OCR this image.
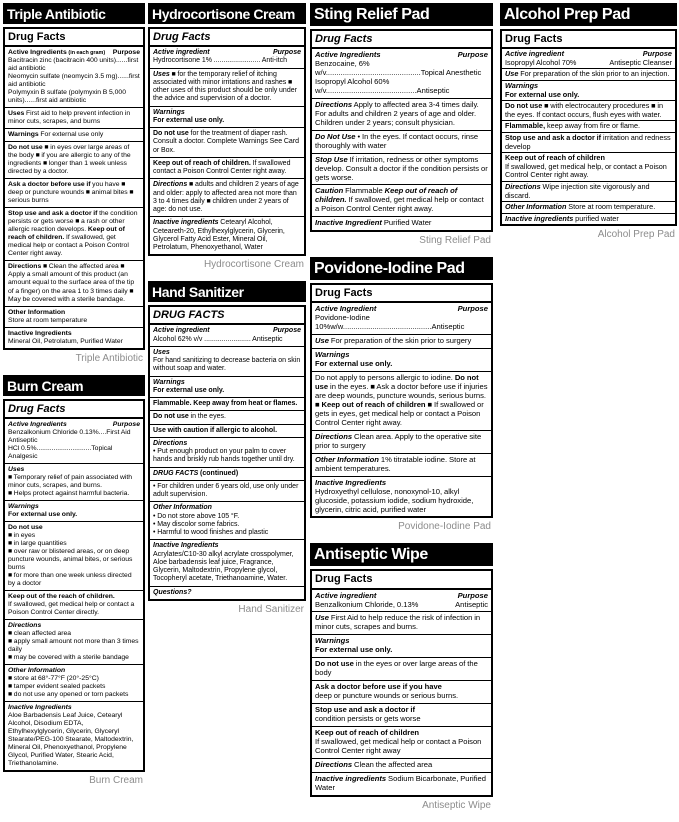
Triple Antibiotic
Drug Facts
Active Ingredients (in each gram) Purpose
Bacitracin zinc (bacitracin 400 units)......first aid antibiotic
Neomycin sulfate (neomycin 3.5 mg)......first aid antibiotic
Polymyxin B sulfate (polymyxin B 5,000 units)......first aid antibiotic
Uses First aid to help prevent infection in minor cuts, scrapes, and burns
Warnings For external use only
Do not use ■ in eyes over large areas of the body ■ if you are allergic to any of the ingredients ■ longer than 1 week unless directed by a doctor.
Ask a doctor before use if you have ■ deep or puncture wounds ■ animal bites ■ serious burns
Stop use and ask a doctor if the condition persists or gets worse ■ a rash or other allergic reaction develops. Keep out of reach of children. If swallowed, get medical help or contact a Poison Control Center right away.
Directions ■ Clean the affected area ■ Apply a small amount of this product (an amount equal to the surface area of the tip of a finger) on the area 1 to 3 times daily ■ May be covered with a sterile bandage.
Other Information
Store at room temperature
Inactive Ingredients
Mineral Oil, Petrolatum, Purified Water
Triple Antibiotic
Burn Cream
Drug Facts
Active Ingredients	Purpose
Benzalkonium Chloride 0.13%....First Aid Antiseptic
HCl 0.5%.............................Topical Analgesic
Uses
■ Temporary relief of pain associated with minor cuts, scrapes, and burns.
■ Helps protect against harmful bacteria.
Warnings
For external use only.
Do not use
■ in eyes
■ in large quantities
■ over raw or blistered areas, or on deep puncture wounds, animal bites, or serious burns
■ for more than one week unless directed by a doctor
Keep out of the reach of children.
If swallowed, get medical help or contact a Poison Control Center directly.
Directions
■ clean affected area
■ apply small amount not more than 3 times daily
■ may be covered with a sterile bandage
Other Information
■ store at 68°-77°F (20°-25°C)
■ tamper evident sealed packets
■ do not use any opened or torn packets
Inactive Ingredients
Aloe Barbadensis Leaf Juice, Cetearyl Alcohol, Disodium EDTA, Ethylhexylglycerin, Glycerin, Glyceryl Stearate/PEG-100 Stearate, Maltodextrin, Mineral Oil, Phenoxyethanol, Propylene Glycol, Purified Water, Stearic Acid, Triethanolamine.
Burn Cream
Hydrocortisone Cream
Drug Facts
Active ingredient	Purpose
Hydrocortisone 1% ........................ Anti-itch
Uses ■ for the temporary relief of itching associated with minor irritations and rashes ■ other uses of this product should be only under the advice and supervision of a doctor.
Warnings
For external use only.
Do not use for the treatment of diaper rash. Consult a doctor. Complete Warnings See Card or Box.
Keep out of reach of children. If swallowed contact a Poison Control Center right away.
Directions ■ adults and children 2 years of age and older: apply to affected area not more than 3 to 4 times daily ■ children under 2 years of age: do not use.
Inactive ingredients Cetearyl Alcohol, Ceteareth-20, Ethylhexylglycerin, Glycerin, Glycerol Fatty Acid Ester, Mineral Oil, Petrolatum, Phenoxyethanol, Water
Hydrocortisone Cream
Hand Sanitizer
DRUG FACTS
Active ingredient	Purpose
Alcohol 62% v/v ........................ Antiseptic
Uses
For hand sanitizing to decrease bacteria on skin without soap and water.
Warnings
For external use only.
Flammable. Keep away from heat or flames.
Do not use in the eyes.
Use with caution if allergic to alcohol.
Directions
• Put enough product on your palm to cover hands and briskly rub hands together until dry.
DRUG FACTS (continued)
• For children under 6 years old, use only under adult supervision.
Other Information
• Do not store above 105 °F.
• May discolor some fabrics.
• Harmful to wood finishes and plastic
Inactive Ingredients
Acrylates/C10-30 alkyl acrylate crosspolymer, Aloe barbadensis leaf juice, Fragrance, Glycerin, Maltodextrin, Propylene glycol, Tocopheryl acetate, Triethanoamine, Water.
Questions?
Hand Sanitizer
Sting Relief Pad
Drug Facts
Active Ingredients	Purpose
Benzocaine, 6% w/v.............................................Topical Anesthetic
Isopropyl Alcohol 60% w/v...........................................Antiseptic
Directions Apply to affected area 3-4 times daily. For adults and children 2 years of age and older. Children under 2 years; consult physician.
Do Not Use • In the eyes. If contact occurs, rinse thoroughly with water
Stop Use If irritation, redness or other symptoms develop. Consult a doctor if the condition persists or gets worse.
Caution Flammable Keep out of reach of children. If swallowed, get medical help or contact a Poison Control Center right away.
Inactive Ingredient Purified Water
Sting Relief Pad
Povidone-Iodine Pad
Drug Facts
Active Ingredient	Purpose
Povidone-Iodine 10%w/w..........................................Antiseptic
Use For preparation of the skin prior to surgery
Warnings
For external use only.
Do not apply to persons allergic to iodine. Do not use in the eyes. ■ Ask a doctor before use if injuries are deep wounds, puncture wounds, serious burns. ■ Keep out of reach of children ■ If swallowed or gets in eyes, get medical help or contact a Poison Control Center right away.
Directions Clean area. Apply to the operative site prior to surgery
Other Information 1% titratable iodine. Store at ambient temperatures.
Inactive Ingredients
Hydroxyethyl cellulose, nonoxynol-10, alkyl glucoside, potassium iodide, sodium hydroxide, glycerin, citric acid, purified water
Povidone-Iodine Pad
Antiseptic Wipe
Drug Facts
Active ingredient	Purpose
Benzalkonium Chloride, 0.13%	Antiseptic
Use First Aid to help reduce the risk of infection in minor cuts, scrapes and burns.
Warnings
For external use only.
Do not use in the eyes or over large areas of the body
Ask a doctor before use if you have
deep or puncture wounds or serious burns.
Stop use and ask a doctor if
condition persists or gets worse
Keep out of reach of children
If swallowed, get medical help or contact a Poison Control Center right away
Directions Clean the affected area
Inactive ingredients Sodium Bicarbonate, Purified Water
Antiseptic Wipe
Alcohol Prep Pad
Drug Facts
Active ingredient	Purpose
Isopropyl Alcohol 70%	Antiseptic Cleanser
Use For preparation of the skin prior to an injection.
Warnings
For external use only.
Do not use ■ with electrocautery procedures ■ in the eyes. If contact occurs, flush eyes with water.
Flammable, keep away from fire or flame.
Stop use and ask a doctor if irritation and redness develop
Keep out of reach of children
If swallowed, get medical help, or contact a Poison Control Center right away.
Directions Wipe injection site vigorously and discard.
Other Information Store at room temperature.
Inactive ingredients purified water
Alcohol Prep Pad
